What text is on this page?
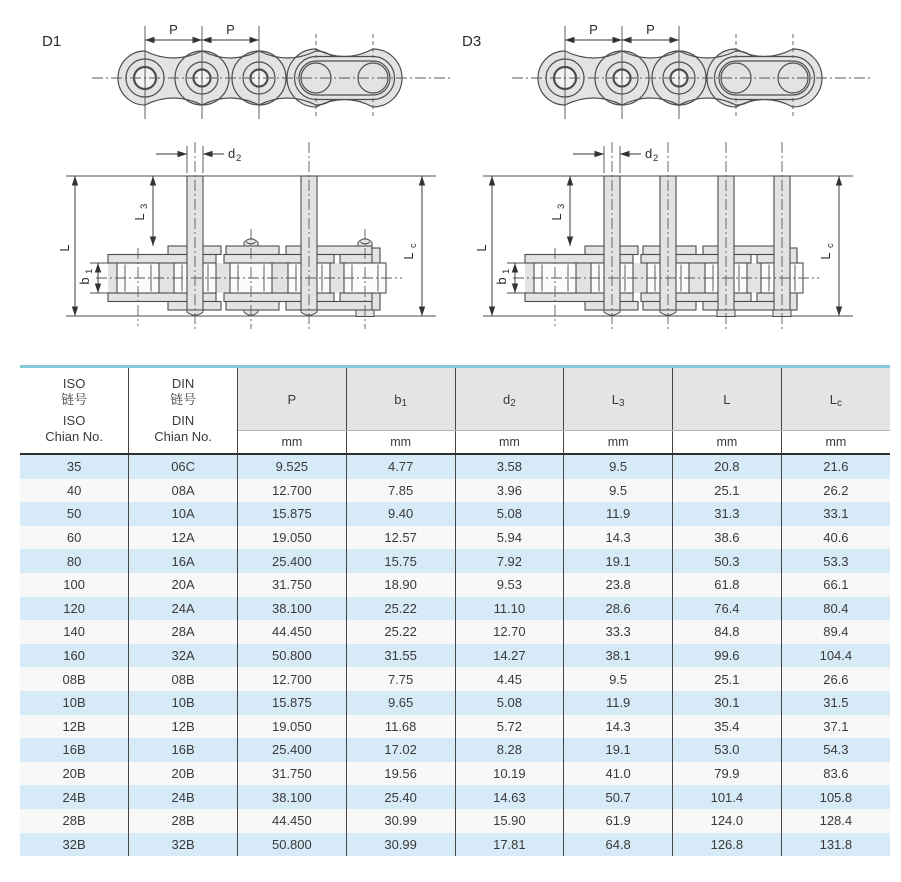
D1
P	P
D3
P	P
L
L
c
L
3
d 2
b
1
L
L
c
L
3
d 2
b
1
ISO
链号
ISO
Chian No.	DIN
链号
DIN
Chian No.	P	b1	d2	L3	L	Lc
		mm	mm	mm	mm	mm	mm
35	06C	9.525	4.77	3.58	9.5	20.8	21.6
40	08A	12.700	7.85	3.96	9.5	25.1	26.2
50	10A	15.875	9.40	5.08	11.9	31.3	33.1
60	12A	19.050	12.57	5.94	14.3	38.6	40.6
80	16A	25.400	15.75	7.92	19.1	50.3	53.3
100	20A	31.750	18.90	9.53	23.8	61.8	66.1
120	24A	38.100	25.22	11.10	28.6	76.4	80.4
140	28A	44.450	25.22	12.70	33.3	84.8	89.4
160	32A	50.800	31.55	14.27	38.1	99.6	104.4
08B	08B	12.700	7.75	4.45	9.5	25.1	26.6
10B	10B	15.875	9.65	5.08	11.9	30.1	31.5
12B	12B	19.050	11.68	5.72	14.3	35.4	37.1
16B	16B	25.400	17.02	8.28	19.1	53.0	54.3
20B	20B	31.750	19.56	10.19	41.0	79.9	83.6
24B	24B	38.100	25.40	14.63	50.7	101.4	105.8
28B	28B	44.450	30.99	15.90	61.9	124.0	128.4
32B	32B	50.800	30.99	17.81	64.8	126.8	131.8
